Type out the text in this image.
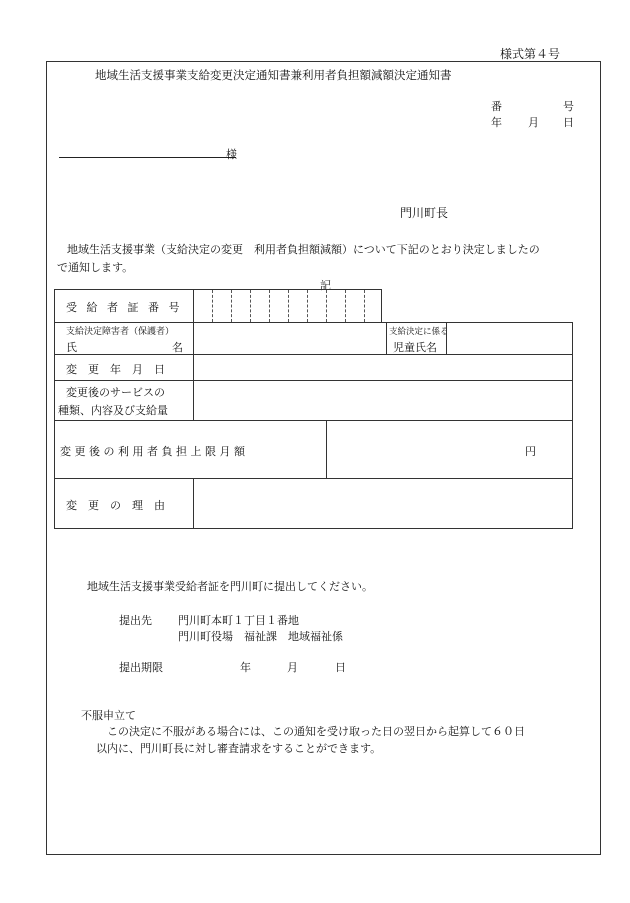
様式第４号
地域生活支援事業支給変更決定通知書兼利用者負担額減額決定通知書
番	号
年 月 日
様
門川町長
地域生活支援事業（支給決定の変更　利用者負担額減額）について下記のとおり決定しましたの
で通知します。
記
受 給 者 証 番 号
支給決定障害者（保護者）
氏	名
支給決定に係る
児童氏名
変　更　年　月　日
変更後のサービスの
種類、内容及び支給量
変 更 後 の 利 用 者 負 担 上 限 月 額	円
変　更　の　理　由
地域生活支援事業受給者証を門川町に提出してください。
提出先 門川町本町１丁目１番地
門川町役場　福祉課　地域福祉係
提出期限	年	月	日
不服申立て
この決定に不服がある場合には、この通知を受け取った日の翌日から起算して６０日
以内に、門川町長に対し審査請求をすることができます。
